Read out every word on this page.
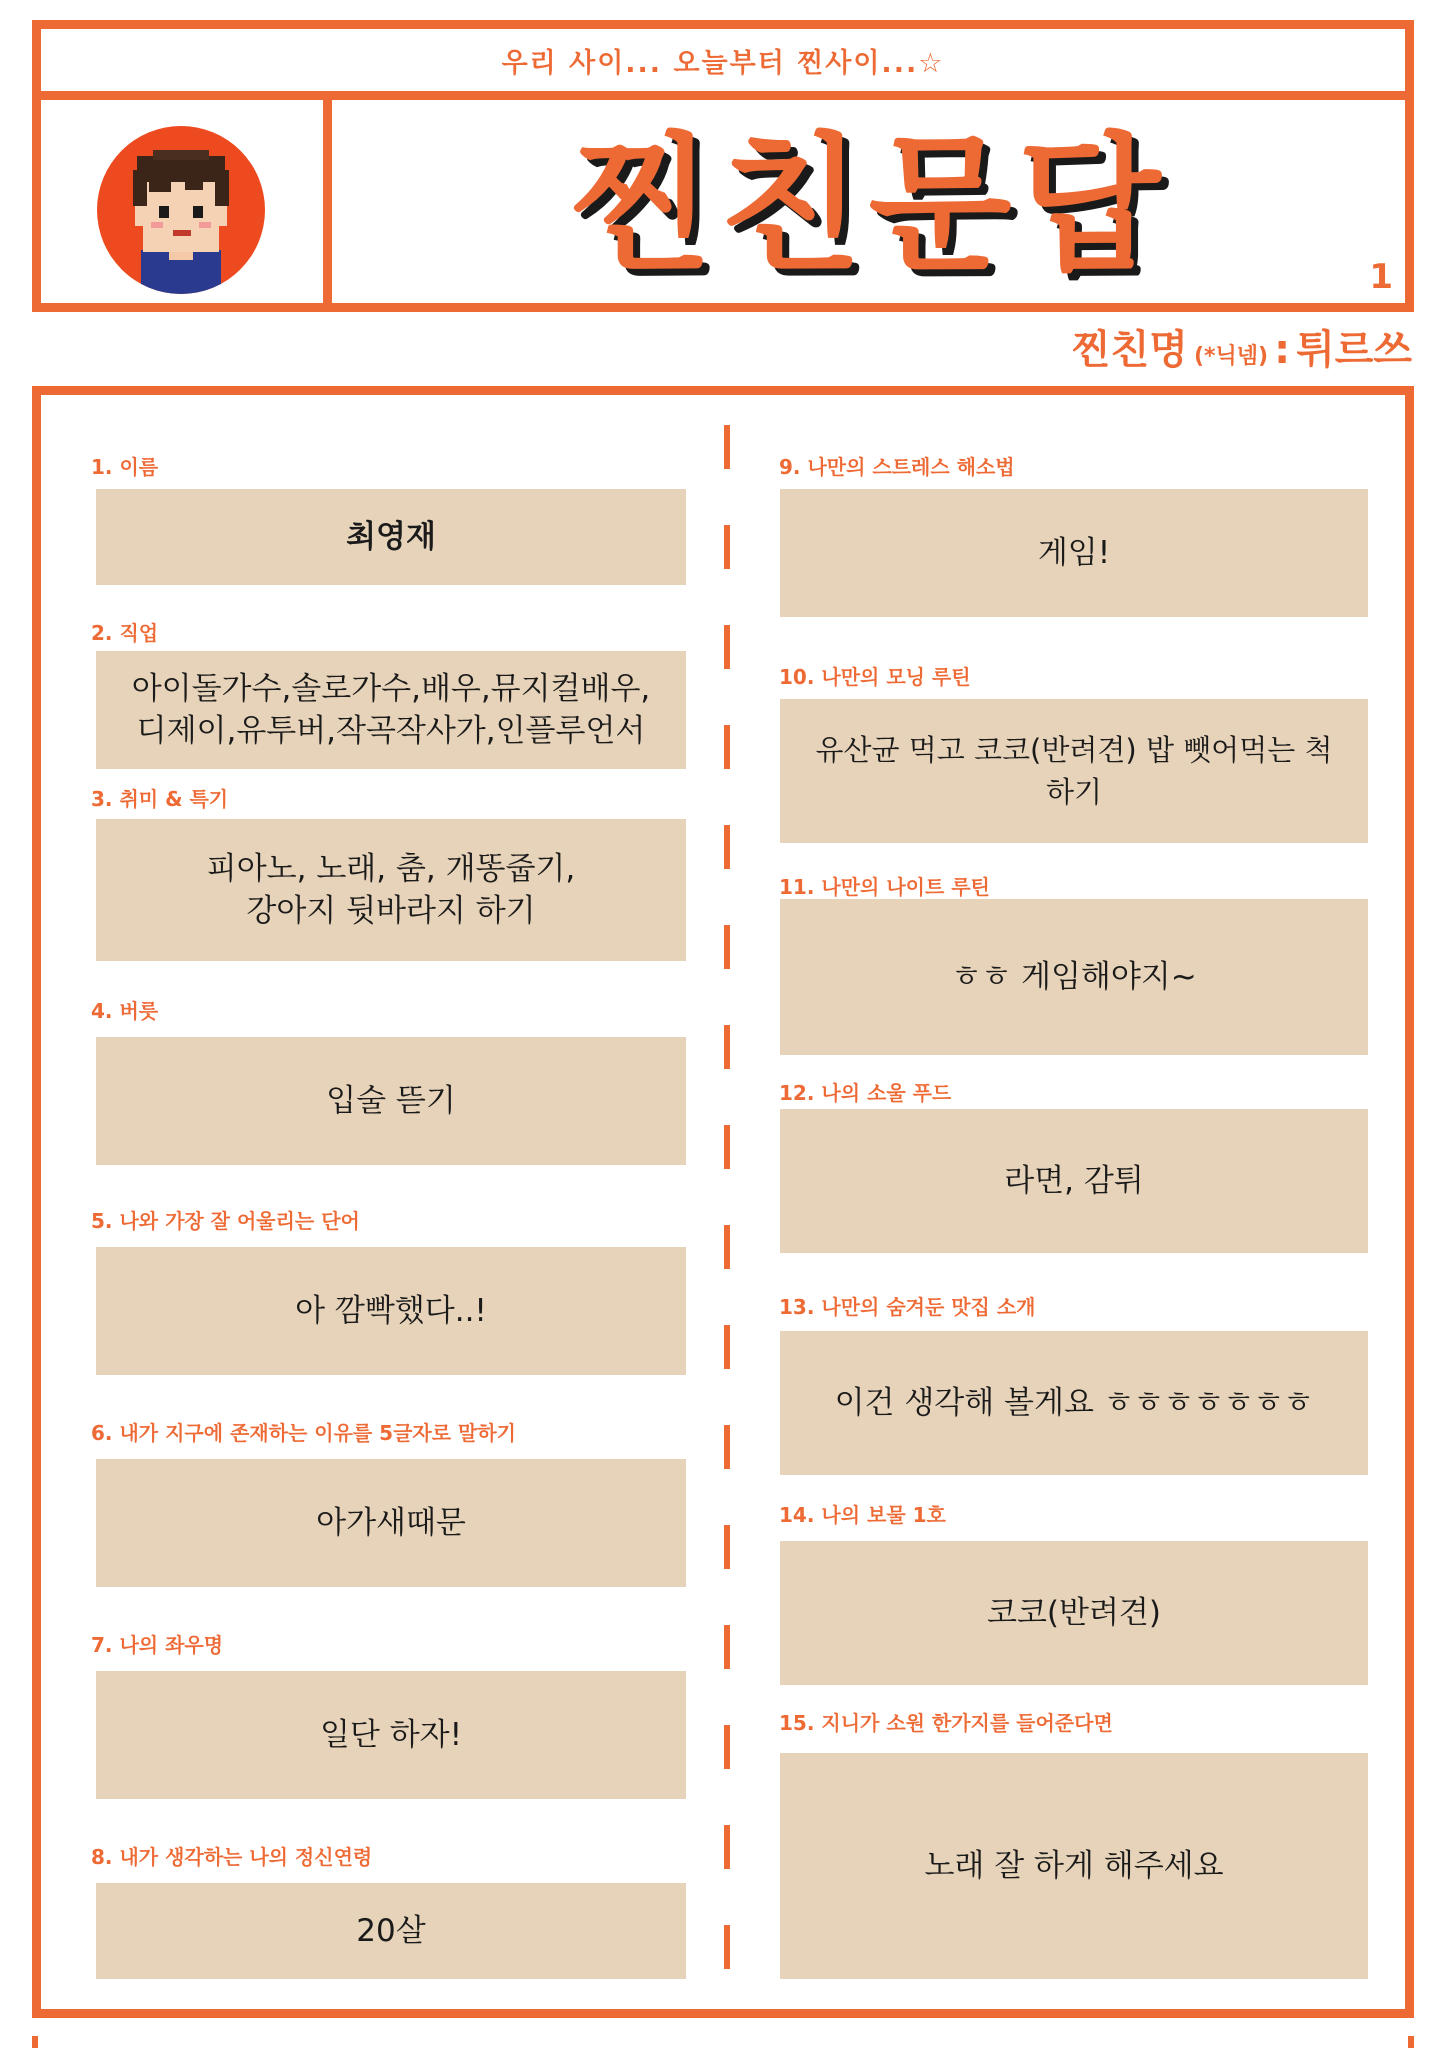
우리 사이... 오늘부터 찐사이...☆
찐친문답	1
찐친명 (*닉넴) : 튀르쓰
1. 이름
최영재
2. 직업
아이돌가수,솔로가수,배우,뮤지컬배우,
디제이,유투버,작곡작사가,인플루언서
3. 취미 & 특기
피아노, 노래, 춤, 개똥줍기,
강아지 뒷바라지 하기
4. 버릇
입술 뜯기
5. 나와 가장 잘 어울리는 단어
아 깜빡했다..!
6. 내가 지구에 존재하는 이유를 5글자로 말하기
아가새때문
7. 나의 좌우명
일단 하자!
8. 내가 생각하는 나의 정신연령
20살
9. 나만의 스트레스 해소법
게임!
10. 나만의 모닝 루틴
유산균 먹고 코코(반려견) 밥 뺏어먹는 척 하기
11. 나만의 나이트 루틴
ㅎㅎ 게임해야지~
12. 나의 소울 푸드
라면, 감튀
13. 나만의 숨겨둔 맛집 소개
이건 생각해 볼게요 ㅎㅎㅎㅎㅎㅎㅎ
14. 나의 보물 1호
코코(반려견)
15. 지니가 소원 한가지를 들어준다면
노래 잘 하게 해주세요
